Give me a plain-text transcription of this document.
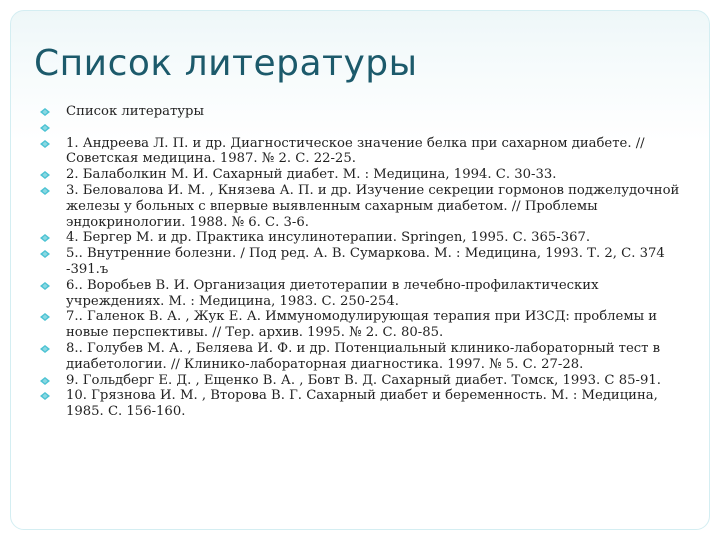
Список литературы
Список литературы
1. Андреева Л. П. и др. Диагностическое значение белка при сахарном диабете. // Советская медицина. 1987. № 2. С. 22-25.
2. Балаболкин М. И. Сахарный диабет. М. : Медицина, 1994. С. 30-33.
3. Беловалова И. М. , Князева А. П. и др. Изучение секреции гормонов поджелудочной железы у больных с впервые выявленным сахарным диабетом. // Проблемы эндокринологии. 1988. № 6. С. 3-6.
4. Бергер М. и др. Практика инсулинотерапии. Springen, 1995. С. 365-367.
5.. Внутренние болезни. / Под ред. А. В. Сумаркова. М. : Медицина, 1993. Т. 2, С. 374 -391.ъ
6.. Воробьев В. И. Организация диетотерапии в лечебно-профилактических учреждениях. М. : Медицина, 1983. С. 250-254.
7.. Галенок В. А. , Жук Е. А. Иммуномодулирующая терапия при ИЗСД: проблемы и новые перспективы. // Тер. архив. 1995. № 2. С. 80-85.
8.. Голубев М. А. , Беляева И. Ф. и др. Потенциальный клинико-лабораторный тест в диабетологии. // Клинико-лабораторная диагностика. 1997. № 5. С. 27-28.
9. Гольдберг Е. Д. , Ещенко В. А. , Бовт В. Д. Сахарный диабет. Томск, 1993. С 85-91.
10. Грязнова И. М. , Второва В. Г. Сахарный диабет и беременность. М. : Медицина, 1985. С. 156-160.
